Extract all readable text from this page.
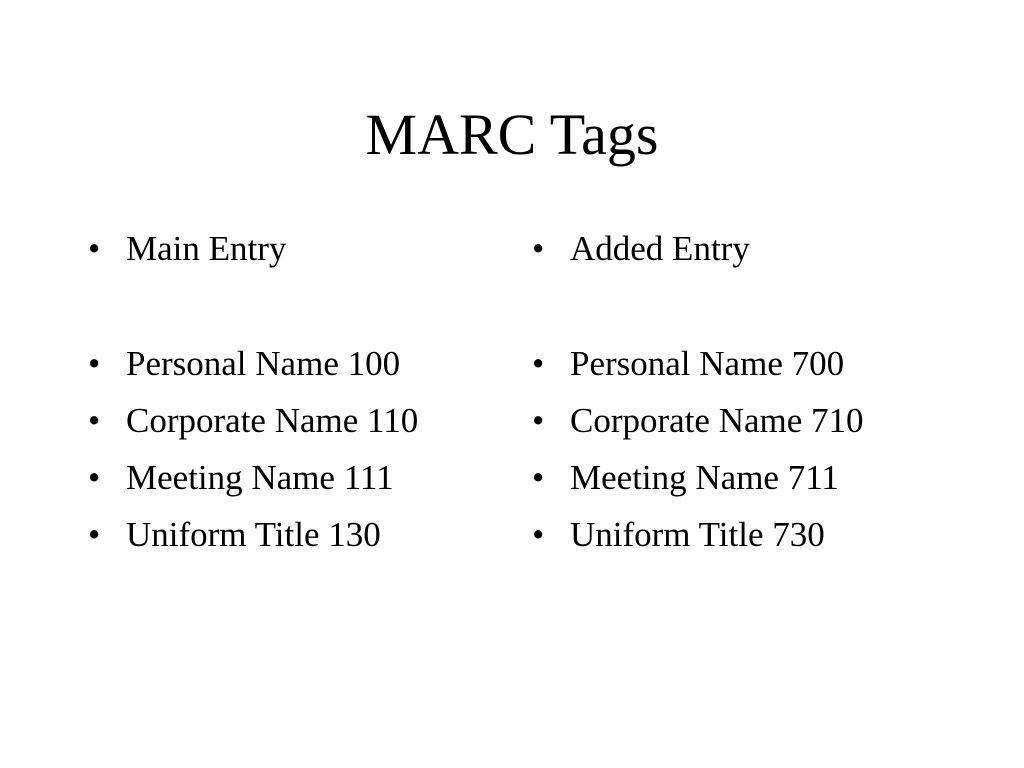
MARC Tags
• Main Entry
• Personal Name 100
• Corporate Name 110
• Meeting Name 111
• Uniform Title 130
• Added Entry
• Personal Name 700
• Corporate Name 710
• Meeting Name 711
• Uniform Title 730
